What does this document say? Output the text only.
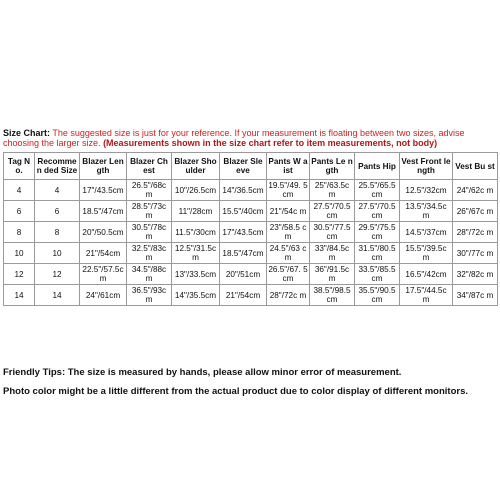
Size Chart: The suggested size is just for your reference. If your measurement is floating between two sizes, advise choosing the larger size. (Measurements shown in the size chart refer to item measurements, not body)
Tag N o.	Recommen ded Size	Blazer Len gth	Blazer Ch est	Blazer Sho ulder	Blazer Sle eve	Pants W aist	Pants Le ngth	Pants Hip	Vest Front length	Vest Bu st
4	4	17"/43.5cm	26.5"/68c m	10"/26.5cm	14"/36.5cm	19.5"/49. 5cm	25"/63.5c m	25.5"/65.5 cm	12.5"/32cm	24"/62c m
6	6	18.5"/47cm	28.5"/73c m	11"/28cm	15.5"/40cm	21"/54c m	27.5"/70.5 cm	27.5"/70.5 cm	13.5"/34.5c m	26"/67c m
8	8	20"/50.5cm	30.5"/78c m	11.5"/30cm	17"/43.5cm	23"/58.5 cm	30.5"/77.5 cm	29.5"/75.5 cm	14.5"/37cm	28"/72c m
10	10	21"/54cm	32.5"/83c m	12.5"/31.5c m	18.5"/47cm	24.5"/63 cm	33"/84.5c m	31.5"/80.5 cm	15.5"/39.5c m	30"/77c m
12	12	22.5"/57.5c m	34.5"/88c m	13"/33.5cm	20"/51cm	26.5"/67. 5cm	36"/91.5c m	33.5"/85.5 cm	16.5"/42cm	32"/82c m
14	14	24"/61cm	36.5"/93c m	14"/35.5cm	21"/54cm	28"/72c m	38.5"/98.5 cm	35.5"/90.5 cm	17.5"/44.5c m	34"/87c m
Friendly Tips: The size is measured by hands, please allow minor error of measurement.
Photo color might be a little different from the actual product due to color display of different monitors.
